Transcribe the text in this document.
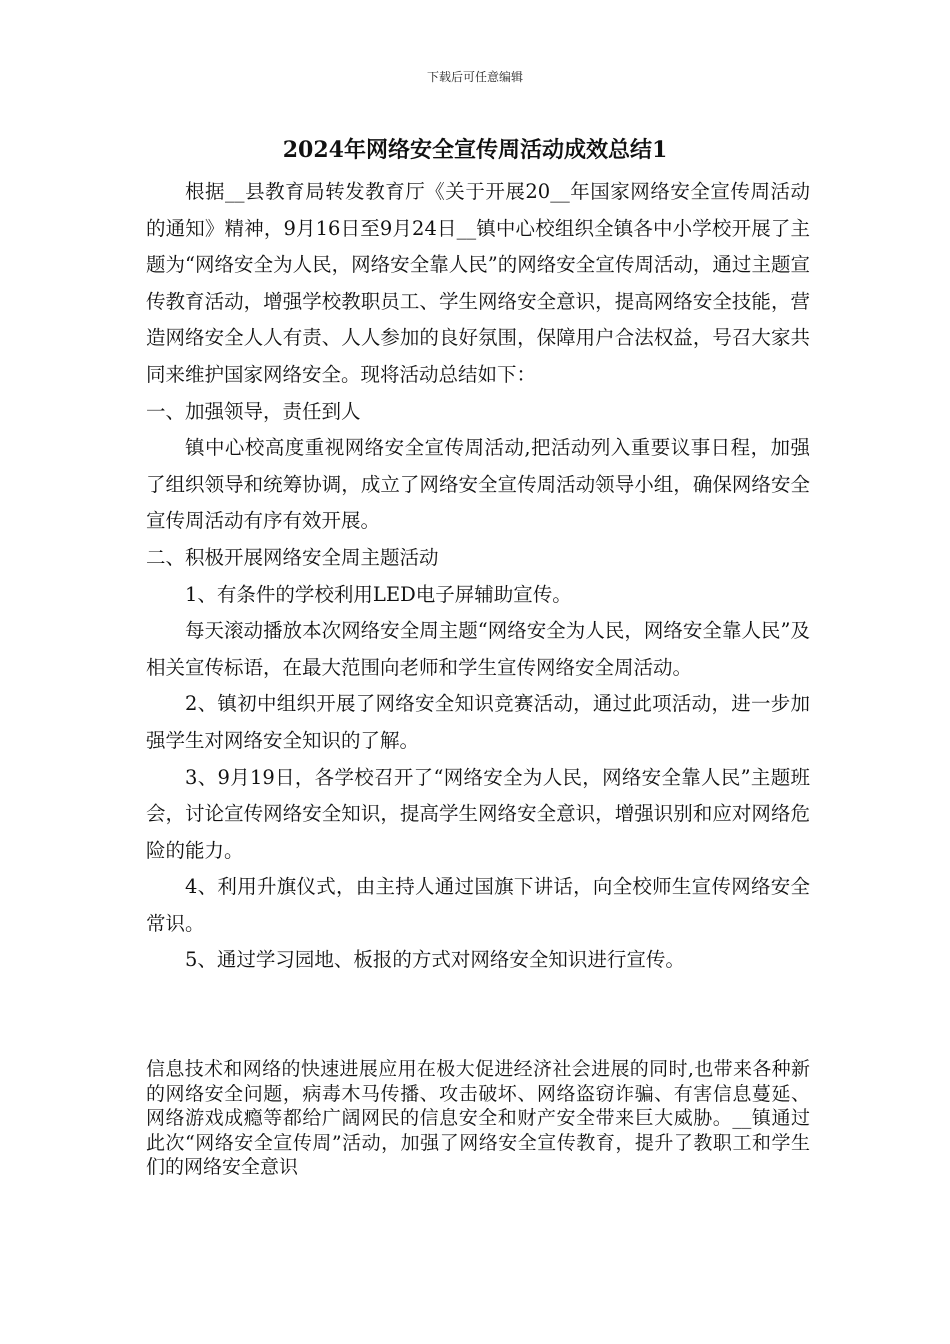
下载后可任意编辑
2024年网络安全宣传周活动成效总结1

根据__县教育局转发教育厅《关于开展20__年国家网络安全宣传周活动的通知》精神，9月16日至9月24日__镇中心校组织全镇各中小学校开展了主题为“网络安全为人民，网络安全靠人民”的网络安全宣传周活动，通过主题宣传教育活动，增强学校教职员工、学生网络安全意识，提高网络安全技能，营造网络安全人人有责、人人参加的良好氛围，保障用户合法权益，号召大家共同来维护国家网络安全。现将活动总结如下：

一、加强领导，责任到人

镇中心校高度重视网络安全宣传周活动,把活动列入重要议事日程，加强了组织领导和统筹协调，成立了网络安全宣传周活动领导小组，确保网络安全宣传周活动有序有效开展。

二、积极开展网络安全周主题活动

1、有条件的学校利用LED电子屏辅助宣传。

每天滚动播放本次网络安全周主题“网络安全为人民，网络安全靠人民”及相关宣传标语，在最大范围向老师和学生宣传网络安全周活动。

2、镇初中组织开展了网络安全知识竞赛活动，通过此项活动，进一步加强学生对网络安全知识的了解。

3、9月19日，各学校召开了“网络安全为人民，网络安全靠人民”主题班会，讨论宣传网络安全知识，提高学生网络安全意识，增强识别和应对网络危险的能力。

4、利用升旗仪式，由主持人通过国旗下讲话，向全校师生宣传网络安全常识。

5、通过学习园地、板报的方式对网络安全知识进行宣传。

信息技术和网络的快速进展应用在极大促进经济社会进展的同时,也带来各种新的网络安全问题，病毒木马传播、攻击破坏、网络盗窃诈骗、有害信息蔓延、网络游戏成瘾等都给广阔网民的信息安全和财产安全带来巨大威胁。__镇通过此次“网络安全宣传周”活动，加强了网络安全宣传教育，提升了教职工和学生们的网络安全意识
